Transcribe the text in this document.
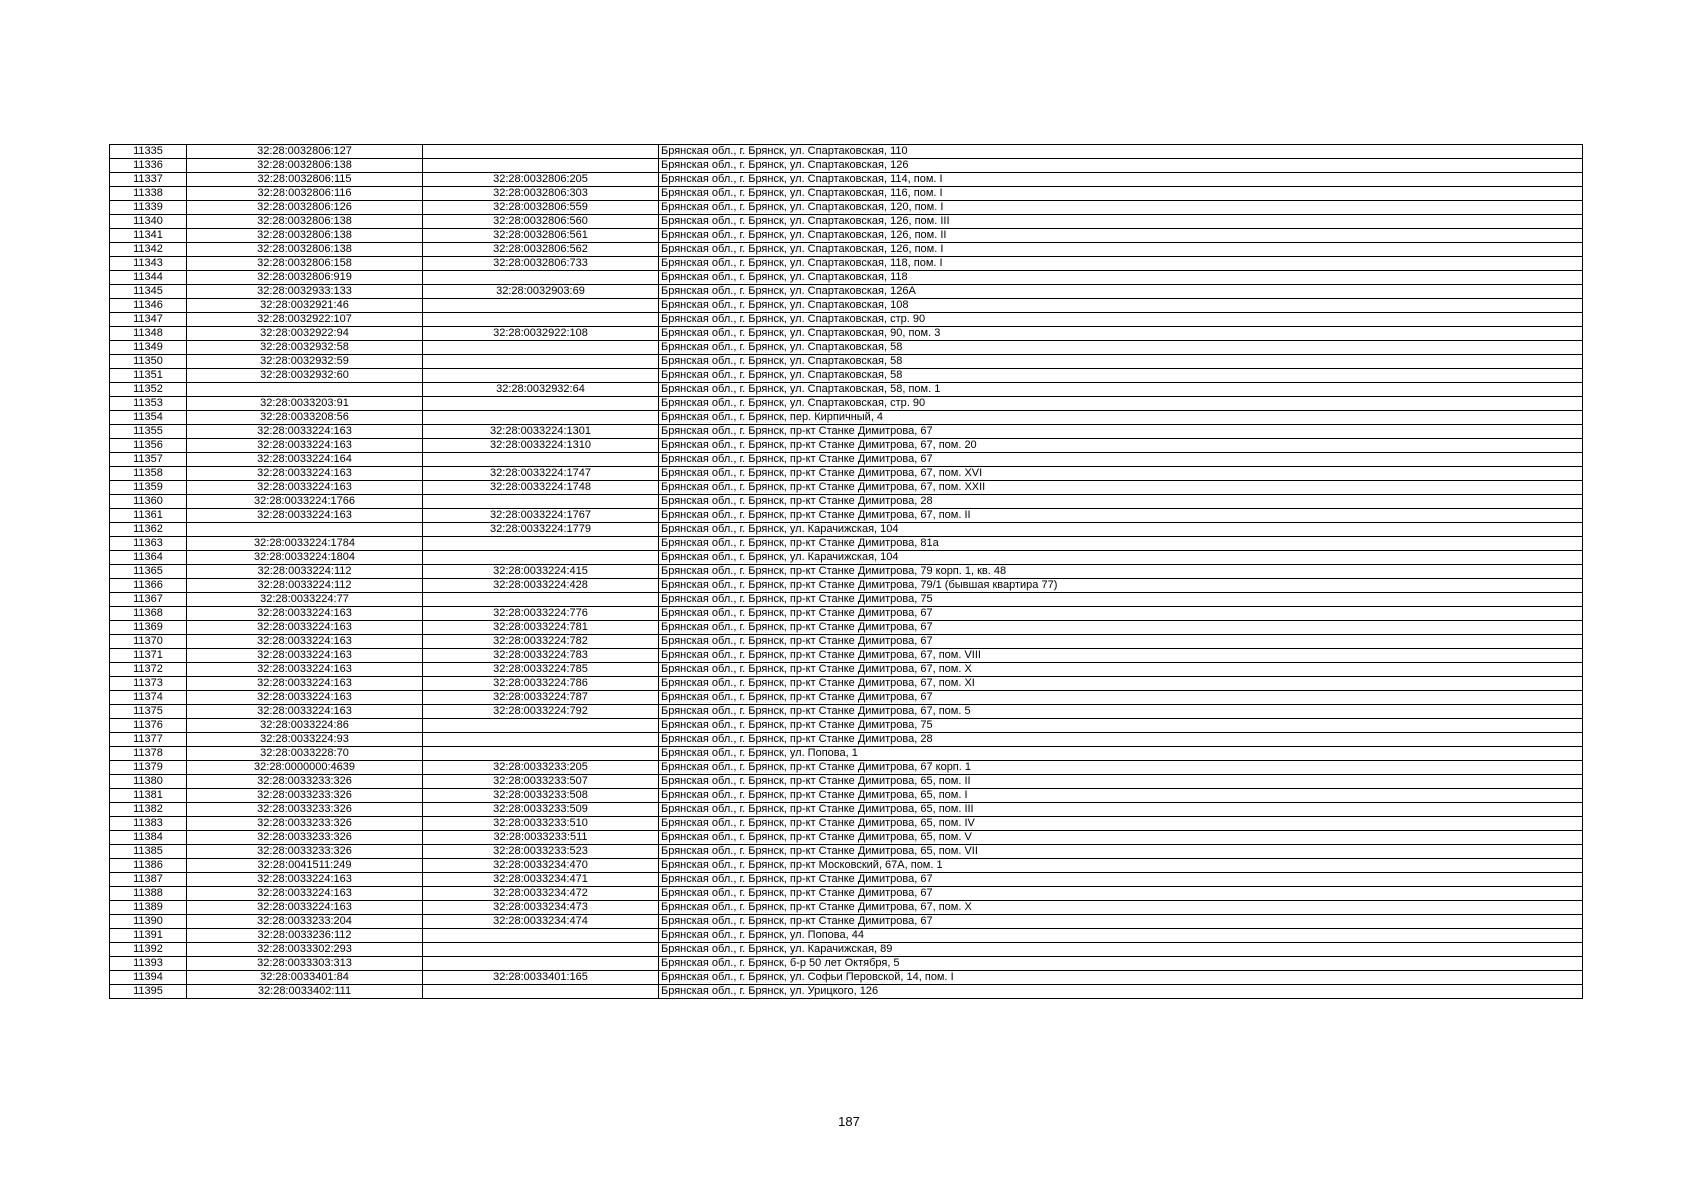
11335	32:28:0032806:127		Брянская обл., г. Брянск, ул. Спартаковская, 110
11336	32:28:0032806:138		Брянская обл., г. Брянск, ул. Спартаковская, 126
11337	32:28:0032806:115	32:28:0032806:205	Брянская обл., г. Брянск, ул. Спартаковская, 114, пом. I
11338	32:28:0032806:116	32:28:0032806:303	Брянская обл., г. Брянск, ул. Спартаковская, 116, пом. I
11339	32:28:0032806:126	32:28:0032806:559	Брянская обл., г. Брянск, ул. Спартаковская, 120, пом. I
11340	32:28:0032806:138	32:28:0032806:560	Брянская обл., г. Брянск, ул. Спартаковская, 126, пом. III
11341	32:28:0032806:138	32:28:0032806:561	Брянская обл., г. Брянск, ул. Спартаковская, 126, пом. II
11342	32:28:0032806:138	32:28:0032806:562	Брянская обл., г. Брянск, ул. Спартаковская, 126, пом. I
11343	32:28:0032806:158	32:28:0032806:733	Брянская обл., г. Брянск, ул. Спартаковская, 118, пом. I
11344	32:28:0032806:919		Брянская обл., г. Брянск, ул. Спартаковская, 118
11345	32:28:0032933:133	32:28:0032903:69	Брянская обл., г. Брянск, ул. Спартаковская, 126А
11346	32:28:0032921:46		Брянская обл., г. Брянск, ул. Спартаковская, 108
11347	32:28:0032922:107		Брянская обл., г. Брянск, ул. Спартаковская, стр. 90
11348	32:28:0032922:94	32:28:0032922:108	Брянская обл., г. Брянск, ул. Спартаковская, 90, пом. 3
11349	32:28:0032932:58		Брянская обл., г. Брянск, ул. Спартаковская, 58
11350	32:28:0032932:59		Брянская обл., г. Брянск, ул. Спартаковская, 58
11351	32:28:0032932:60		Брянская обл., г. Брянск, ул. Спартаковская, 58
11352		32:28:0032932:64	Брянская обл., г. Брянск, ул. Спартаковская, 58, пом. 1
11353	32:28:0033203:91		Брянская обл., г. Брянск, ул. Спартаковская, стр. 90
11354	32:28:0033208:56		Брянская обл., г. Брянск, пер. Кирпичный, 4
11355	32:28:0033224:163	32:28:0033224:1301	Брянская обл., г. Брянск, пр-кт Станке Димитрова, 67
11356	32:28:0033224:163	32:28:0033224:1310	Брянская обл., г. Брянск, пр-кт Станке Димитрова, 67, пом. 20
11357	32:28:0033224:164		Брянская обл., г. Брянск, пр-кт Станке Димитрова, 67
11358	32:28:0033224:163	32:28:0033224:1747	Брянская обл., г. Брянск, пр-кт Станке Димитрова, 67, пом. XVI
11359	32:28:0033224:163	32:28:0033224:1748	Брянская обл., г. Брянск, пр-кт Станке Димитрова, 67, пом. XXII
11360	32:28:0033224:1766		Брянская обл., г. Брянск, пр-кт Станке Димитрова, 28
11361	32:28:0033224:163	32:28:0033224:1767	Брянская обл., г. Брянск, пр-кт Станке Димитрова, 67, пом. II
11362		32:28:0033224:1779	Брянская обл., г. Брянск, ул. Карачижская, 104
11363	32:28:0033224:1784		Брянская обл., г. Брянск, пр-кт Станке Димитрова, 81а
11364	32:28:0033224:1804		Брянская обл., г. Брянск, ул. Карачижская, 104
11365	32:28:0033224:112	32:28:0033224:415	Брянская обл., г. Брянск, пр-кт Станке Димитрова, 79 корп. 1, кв. 48
11366	32:28:0033224:112	32:28:0033224:428	Брянская обл., г. Брянск, пр-кт Станке Димитрова, 79/1 (бывшая квартира 77)
11367	32:28:0033224:77		Брянская обл., г. Брянск, пр-кт Станке Димитрова, 75
11368	32:28:0033224:163	32:28:0033224:776	Брянская обл., г. Брянск, пр-кт Станке Димитрова, 67
11369	32:28:0033224:163	32:28:0033224:781	Брянская обл., г. Брянск, пр-кт Станке Димитрова, 67
11370	32:28:0033224:163	32:28:0033224:782	Брянская обл., г. Брянск, пр-кт Станке Димитрова, 67
11371	32:28:0033224:163	32:28:0033224:783	Брянская обл., г. Брянск, пр-кт Станке Димитрова, 67, пом. VIII
11372	32:28:0033224:163	32:28:0033224:785	Брянская обл., г. Брянск, пр-кт Станке Димитрова, 67, пом. X
11373	32:28:0033224:163	32:28:0033224:786	Брянская обл., г. Брянск, пр-кт Станке Димитрова, 67, пом. XI
11374	32:28:0033224:163	32:28:0033224:787	Брянская обл., г. Брянск, пр-кт Станке Димитрова, 67
11375	32:28:0033224:163	32:28:0033224:792	Брянская обл., г. Брянск, пр-кт Станке Димитрова, 67, пом. 5
11376	32:28:0033224:86		Брянская обл., г. Брянск, пр-кт Станке Димитрова, 75
11377	32:28:0033224:93		Брянская обл., г. Брянск, пр-кт Станке Димитрова, 28
11378	32:28:0033228:70		Брянская обл., г. Брянск, ул. Попова, 1
11379	32:28:0000000:4639	32:28:0033233:205	Брянская обл., г. Брянск, пр-кт Станке Димитрова, 67 корп. 1
11380	32:28:0033233:326	32:28:0033233:507	Брянская обл., г. Брянск, пр-кт Станке Димитрова, 65, пом. II
11381	32:28:0033233:326	32:28:0033233:508	Брянская обл., г. Брянск, пр-кт Станке Димитрова, 65, пом. I
11382	32:28:0033233:326	32:28:0033233:509	Брянская обл., г. Брянск, пр-кт Станке Димитрова, 65, пом. III
11383	32:28:0033233:326	32:28:0033233:510	Брянская обл., г. Брянск, пр-кт Станке Димитрова, 65, пом. IV
11384	32:28:0033233:326	32:28:0033233:511	Брянская обл., г. Брянск, пр-кт Станке Димитрова, 65, пом. V
11385	32:28:0033233:326	32:28:0033233:523	Брянская обл., г. Брянск, пр-кт Станке Димитрова, 65, пом. VII
11386	32:28:0041511:249	32:28:0033234:470	Брянская обл., г. Брянск, пр-кт Московский, 67А, пом. 1
11387	32:28:0033224:163	32:28:0033234:471	Брянская обл., г. Брянск, пр-кт Станке Димитрова, 67
11388	32:28:0033224:163	32:28:0033234:472	Брянская обл., г. Брянск, пр-кт Станке Димитрова, 67
11389	32:28:0033224:163	32:28:0033234:473	Брянская обл., г. Брянск, пр-кт Станке Димитрова, 67, пом. X
11390	32:28:0033233:204	32:28:0033234:474	Брянская обл., г. Брянск, пр-кт Станке Димитрова, 67
11391	32:28:0033236:112		Брянская обл., г. Брянск, ул. Попова, 44
11392	32:28:0033302:293		Брянская обл., г. Брянск, ул. Карачижская, 89
11393	32:28:0033303:313		Брянская обл., г. Брянск, б-р 50 лет Октября, 5
11394	32:28:0033401:84	32:28:0033401:165	Брянская обл., г. Брянск, ул. Софьи Перовской, 14, пом. I
11395	32:28:0033402:111		Брянская обл., г. Брянск, ул. Урицкого, 126
187
